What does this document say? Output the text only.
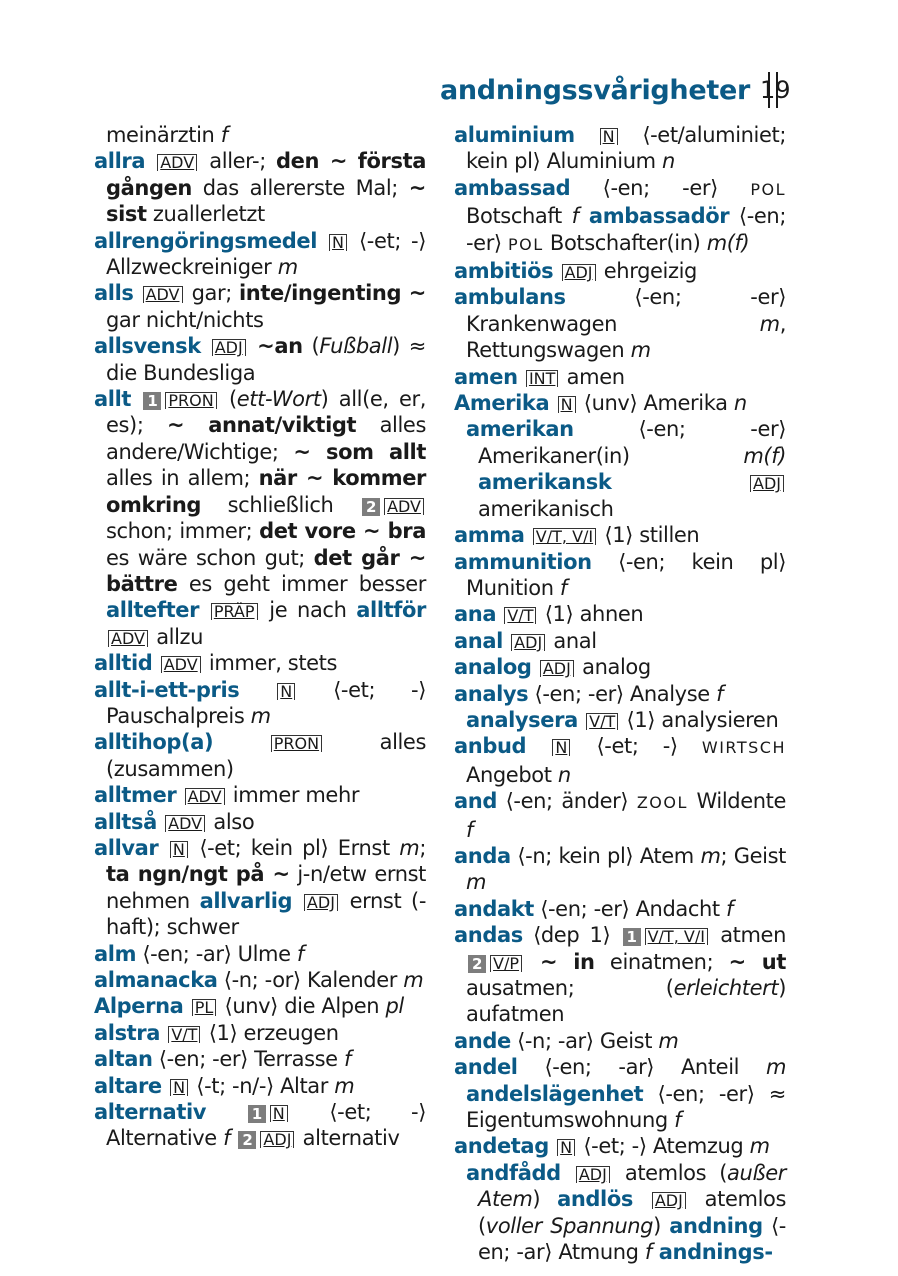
andningssvårigheter 19
meinärztin f
allra ADV aller-; den ~ första gången das allererste Mal; ~ sist zuallerletzt
allrengöringsmedel N ⟨-et; -⟩ Allzweckreiniger m
alls ADV gar; inte/ingenting ~ gar nicht/nichts
allsvensk ADJ ~an (Fußball) ≈ die Bundesliga
allt 1 PRON (ett-Wort) all(e, er, es); ~ annat/viktigt alles andere/Wichtige; ~ som allt alles in allem; när ~ kommer omkring schließlich 2 ADV schon; immer; det vore ~ bra es wäre schon gut; det går ~ bättre es geht immer besser alltefter PRÄP je nach alltför ADV allzu
alltid ADV immer, stets
allt-i-ett-pris	N ⟨-et; -⟩ Pauschalpreis m
alltihop(a)	PRON alles (zusammen)
alltmer ADV immer mehr
alltså ADV also
allvar N ⟨-et; kein pl⟩ Ernst m; ta ngn/ngt på ~ j-n/etw ernst nehmen allvarlig ADJ ernst (-haft); schwer
alm ⟨-en; -ar⟩ Ulme f
almanacka ⟨-n; -or⟩ Kalender m
Alperna PL ⟨unv⟩ die Alpen pl
alstra V/T ⟨1⟩ erzeugen
altan ⟨-en; -er⟩ Terrasse f
altare N ⟨-t; -n/-⟩ Altar m
alternativ	1 N ⟨-et; -⟩ Alternative f 2 ADJ alternativ
aluminium N ⟨-et/aluminiet; kein pl⟩ Aluminium n
ambassad ⟨-en; -er⟩ POL Botschaft f ambassadör ⟨-en; -er⟩ POL Botschafter(in) m(f)
ambitiös ADJ ehrgeizig
ambulans ⟨-en; -er⟩ Krankenwagen m, Rettungswagen m
amen INT amen
Amerika N ⟨unv⟩ Amerika n
amerikan ⟨-en; -er⟩ Amerikaner(in) m(f) amerikansk	ADJ amerikanisch
amma V/T, V/I ⟨1⟩ stillen
ammunition ⟨-en; kein pl⟩ Munition f
ana V/T ⟨1⟩ ahnen
anal ADJ anal
analog ADJ analog
analys ⟨-en; -er⟩ Analyse f
analysera V/T ⟨1⟩ analysieren
anbud N ⟨-et; -⟩ WIRTSCH Angebot n
and ⟨-en; änder⟩ ZOOL Wildente f
anda ⟨-n; kein pl⟩ Atem m; Geist m
andakt ⟨-en; -er⟩ Andacht f
andas ⟨dep 1⟩ 1 V/T, V/I atmen 2 V/P ~ in einatmen; ~ ut ausatmen; (erleichtert) aufatmen
ande ⟨-n; -ar⟩ Geist m
andel ⟨-en; -ar⟩ Anteil m andelslägenhet ⟨-en; -er⟩ ≈ Eigentumswohnung f
andetag N ⟨-et; -⟩ Atemzug m
andfådd ADJ atemlos (außer Atem) andlös ADJ atemlos (voller Spannung) andning ⟨-en; -ar⟩ Atmung f andnings-
